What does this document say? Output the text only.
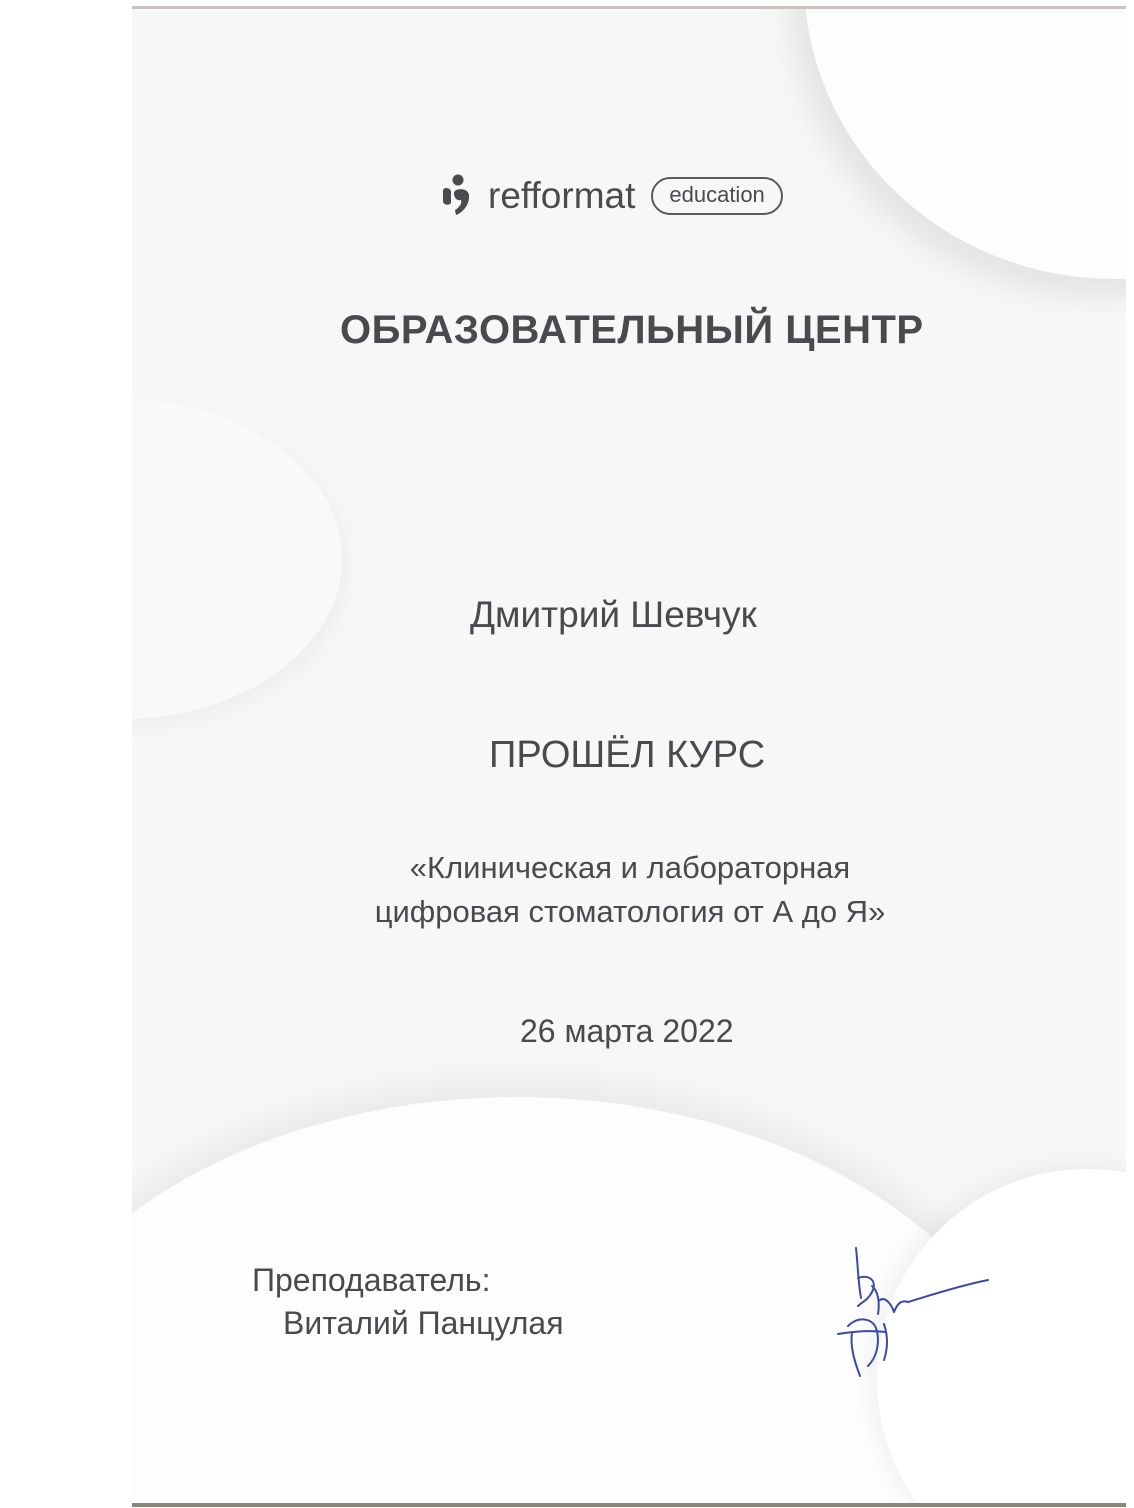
refformat	education
ОБРАЗОВАТЕЛЬНЫЙ ЦЕНТР
Дмитрий Шевчук
ПРОШЁЛ КУРС
«Клиническая и лабораторная
цифровая стоматология от А до Я»
26 марта 2022
Преподаватель:
Виталий Панцулая
